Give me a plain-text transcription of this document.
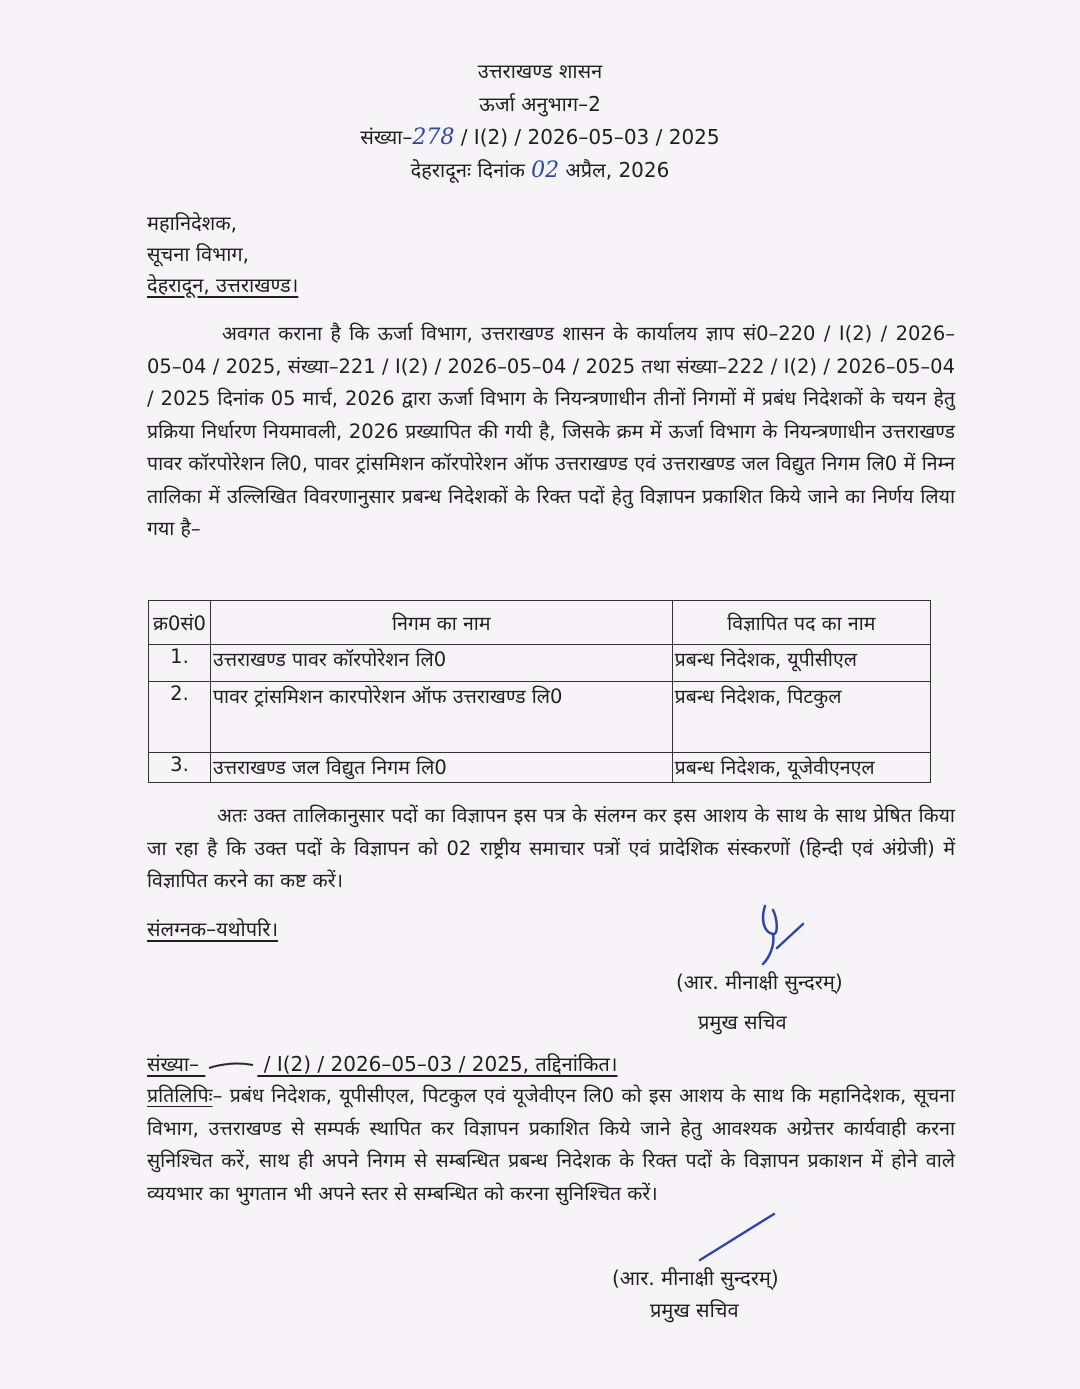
उत्तराखण्ड शासन
ऊर्जा अनुभाग–2
संख्या–278 / I(2) / 2026–05–03 / 2025
देहरादूनः दिनांक 02 अप्रैल, 2026
महानिदेशक,
सूचना विभाग,
देहरादून, उत्तराखण्ड।
अवगत कराना है कि ऊर्जा विभाग, उत्तराखण्ड शासन के कार्यालय ज्ञाप सं0–220 / I(2) / 2026–05–04 / 2025, संख्या–221 / I(2) / 2026–05–04 / 2025 तथा संख्या–222 / I(2) / 2026–05–04 / 2025 दिनांक 05 मार्च, 2026 द्वारा ऊर्जा विभाग के नियन्त्रणाधीन तीनों निगमों में प्रबंध निदेशकों के चयन हेतु प्रक्रिया निर्धारण नियमावली, 2026 प्रख्यापित की गयी है, जिसके क्रम में ऊर्जा विभाग के नियन्त्रणाधीन उत्तराखण्ड पावर कॉरपोरेशन लि0, पावर ट्रांसमिशन कॉरपोरेशन ऑफ उत्तराखण्ड एवं उत्तराखण्ड जल विद्युत निगम लि0 में निम्न तालिका में उल्लिखित विवरणानुसार प्रबन्ध निदेशकों के रिक्त पदों हेतु विज्ञापन प्रकाशित किये जाने का निर्णय लिया गया है–
क्र0सं0	निगम का नाम	विज्ञापित पद का नाम
1.	उत्तराखण्ड पावर कॉरपोरेशन लि0	प्रबन्ध निदेशक, यूपीसीएल
2.	पावर ट्रांसमिशन कारपोरेशन ऑफ उत्तराखण्ड लि0	प्रबन्ध निदेशक, पिटकुल
3.	उत्तराखण्ड जल विद्युत निगम लि0	प्रबन्ध निदेशक, यूजेवीएनएल
अतः उक्त तालिकानुसार पदों का विज्ञापन इस पत्र के संलग्न कर इस आशय के साथ के साथ प्रेषित किया जा रहा है कि उक्त पदों के विज्ञापन को 02 राष्ट्रीय समाचार पत्रों एवं प्रादेशिक संस्करणों (हिन्दी एवं अंग्रेजी) में विज्ञापित करने का कष्ट करें।
संलग्नक–यथोपरि।
(आर. मीनाक्षी सुन्दरम्)
प्रमुख सचिव
संख्या–	/ I(2) / 2026–05–03 / 2025, तद्दिनांकित।
प्रतिलिपिः– प्रबंध निदेशक, यूपीसीएल, पिटकुल एवं यूजेवीएन लि0 को इस आशय के साथ कि महानिदेशक, सूचना विभाग, उत्तराखण्ड से सम्पर्क स्थापित कर विज्ञापन प्रकाशित किये जाने हेतु आवश्यक अग्रेत्तर कार्यवाही करना सुनिश्चित करें, साथ ही अपने निगम से सम्बन्धित प्रबन्ध निदेशक के रिक्त पदों के विज्ञापन प्रकाशन में होने वाले व्ययभार का भुगतान भी अपने स्तर से सम्बन्धित को करना सुनिश्चित करें।
(आर. मीनाक्षी सुन्दरम्)
प्रमुख सचिव
